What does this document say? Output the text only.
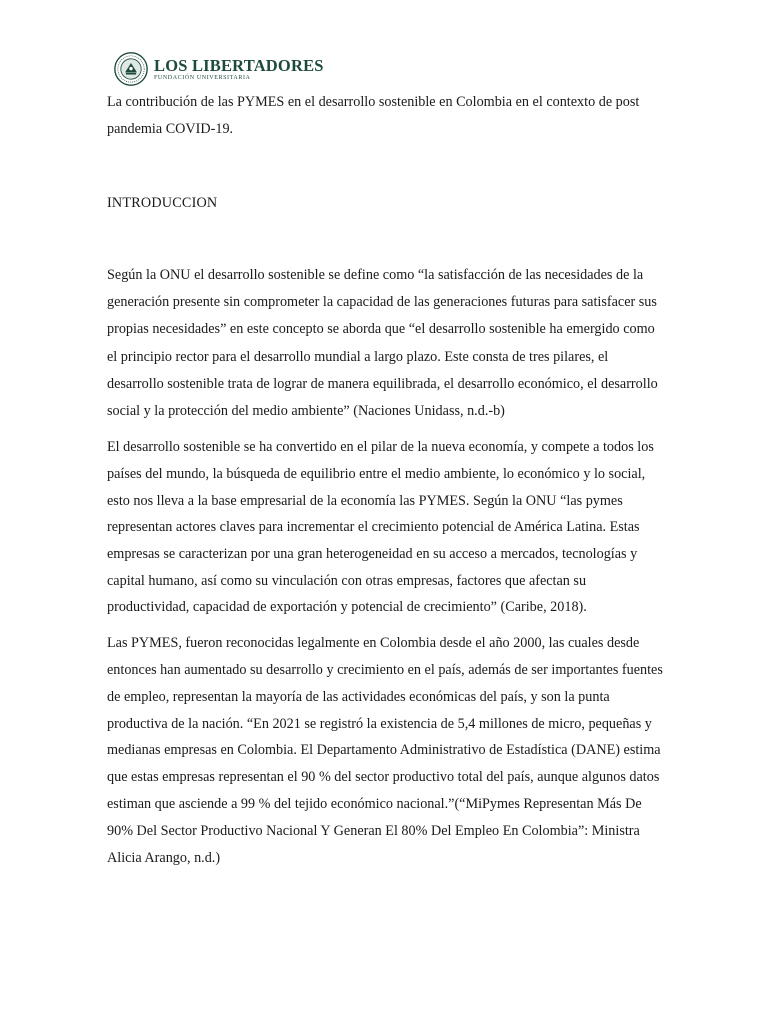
LOS LIBERTADORES
FUNDACIÓN UNIVERSITARIA

La contribución de las PYMES en el desarrollo sostenible en Colombia en el contexto de post pandemia COVID-19.

INTRODUCCION

Según la ONU el desarrollo sostenible se define como “la satisfacción de las necesidades de la generación presente sin comprometer la capacidad de las generaciones futuras para satisfacer sus propias necesidades” en este concepto se aborda que “el desarrollo sostenible ha emergido como el principio rector para el desarrollo mundial a largo plazo. Este consta de tres pilares, el desarrollo sostenible trata de lograr de manera equilibrada, el desarrollo económico, el desarrollo social y la protección del medio ambiente” (Naciones Unidass, n.d.-b)

El desarrollo sostenible se ha convertido en el pilar de la nueva economía, y compete a todos los países del mundo, la búsqueda de equilibrio entre el medio ambiente, lo económico y lo social, esto nos lleva a la base empresarial de la economía las PYMES. Según la ONU “las pymes representan actores claves para incrementar el crecimiento potencial de América Latina. Estas empresas se caracterizan por una gran heterogeneidad en su acceso a mercados, tecnologías y capital humano, así como su vinculación con otras empresas, factores que afectan su productividad, capacidad de exportación y potencial de crecimiento” (Caribe, 2018).

Las PYMES, fueron reconocidas legalmente en Colombia desde el año 2000, las cuales desde entonces han aumentado su desarrollo y crecimiento en el país, además de ser importantes fuentes de empleo, representan la mayoría de las actividades económicas del país, y son la punta productiva de la nación. “En 2021 se registró la existencia de 5,4 millones de micro, pequeñas y medianas empresas en Colombia. El Departamento Administrativo de Estadística (DANE) estima que estas empresas representan el 90 % del sector productivo total del país, aunque algunos datos estiman que asciende a 99 % del tejido económico nacional.”(“MiPymes Representan Más De 90% Del Sector Productivo Nacional Y Generan El 80% Del Empleo En Colombia”: Ministra Alicia Arango, n.d.)
